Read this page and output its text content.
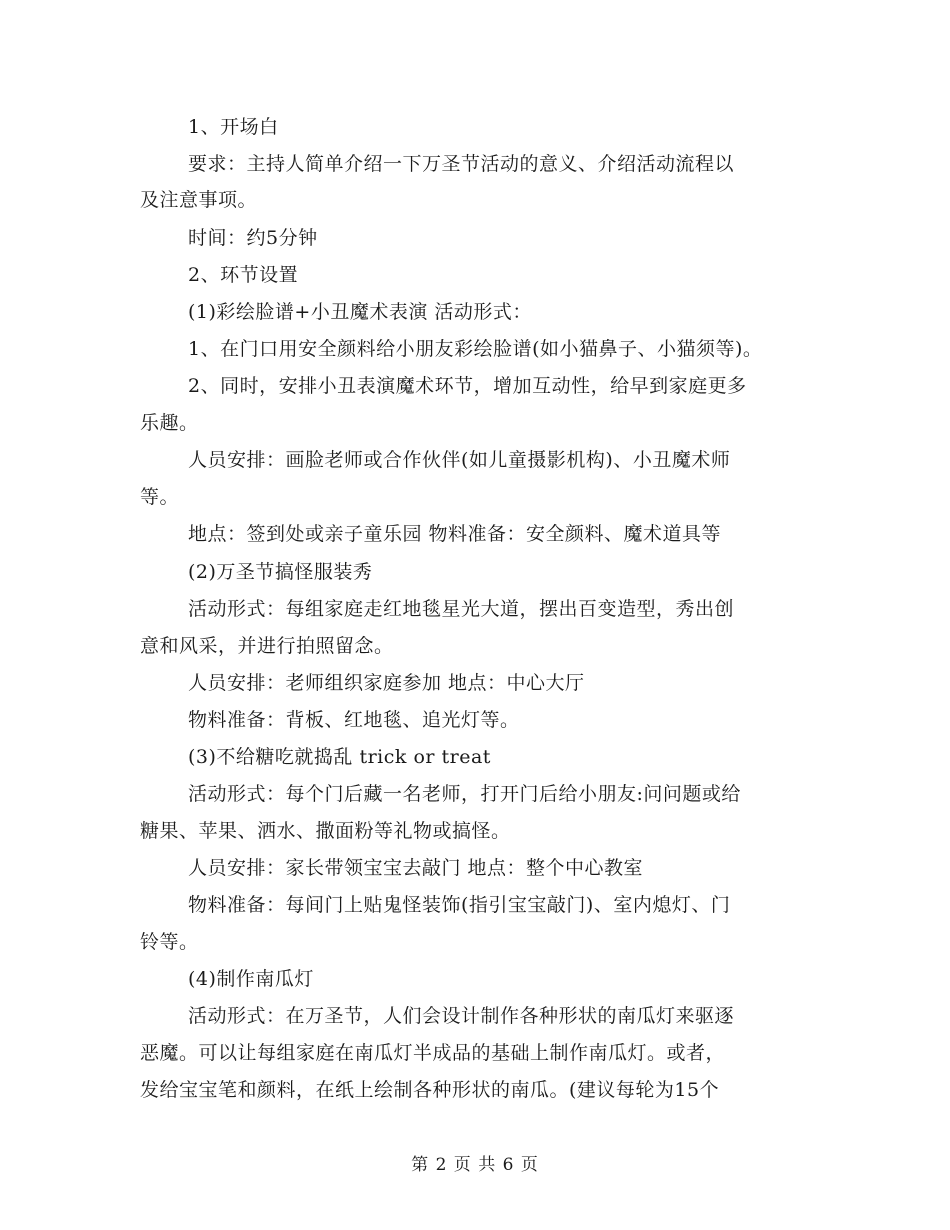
1、开场白
要求：主持人简单介绍一下万圣节活动的意义、介绍活动流程以
及注意事项。
时间：约5分钟
2、环节设置
(1)彩绘脸谱+小丑魔术表演 活动形式：
1、在门口用安全颜料给小朋友彩绘脸谱(如小猫鼻子、小猫须等)。
2、同时，安排小丑表演魔术环节，增加互动性，给早到家庭更多
乐趣。
人员安排：画脸老师或合作伙伴(如儿童摄影机构)、小丑魔术师
等。
地点：签到处或亲子童乐园 物料准备：安全颜料、魔术道具等
(2)万圣节搞怪服装秀
活动形式：每组家庭走红地毯星光大道，摆出百变造型，秀出创
意和风采，并进行拍照留念。
人员安排：老师组织家庭参加 地点：中心大厅
物料准备：背板、红地毯、追光灯等。
(3)不给糖吃就捣乱 trick or treat
活动形式：每个门后藏一名老师，打开门后给小朋友:问问题或给
糖果、苹果、洒水、撒面粉等礼物或搞怪。
人员安排：家长带领宝宝去敲门 地点：整个中心教室
物料准备：每间门上贴鬼怪装饰(指引宝宝敲门)、室内熄灯、门
铃等。
(4)制作南瓜灯
活动形式：在万圣节，人们会设计制作各种形状的南瓜灯来驱逐
恶魔。可以让每组家庭在南瓜灯半成品的基础上制作南瓜灯。或者，
发给宝宝笔和颜料，在纸上绘制各种形状的南瓜。(建议每轮为15个
第 2 页 共 6 页
